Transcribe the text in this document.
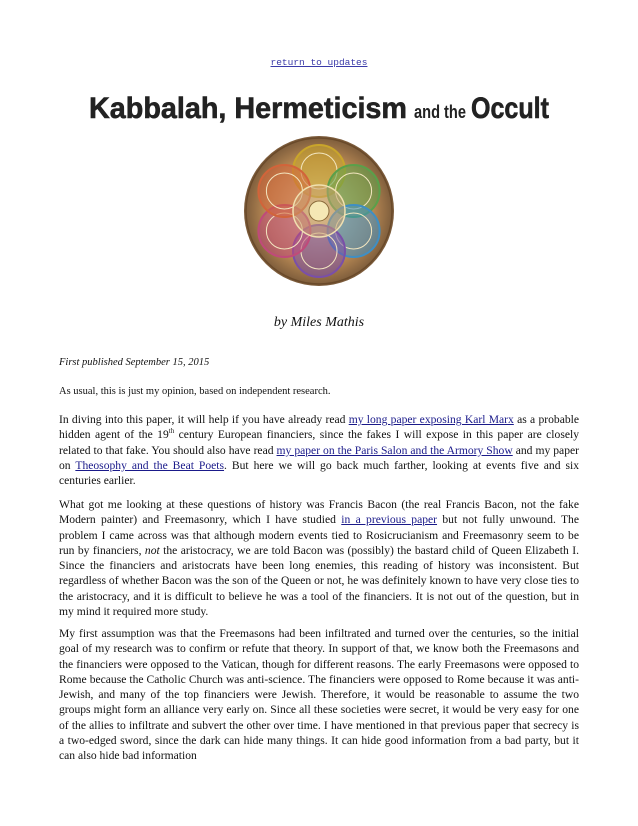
return to updates
Kabbalah, Hermeticism and the Occult
by Miles Mathis
First published September 15, 2015
As usual, this is just my opinion, based on independent research.

In diving into this paper, it will help if you have already read my long paper exposing Karl Marx as a probable hidden agent of the 19th century European financiers, since the fakes I will expose in this paper are closely related to that fake. You should also have read my paper on the Paris Salon and the Armory Show and my paper on Theosophy and the Beat Poets. But here we will go back much farther, looking at events five and six centuries earlier.

What got me looking at these questions of history was Francis Bacon (the real Francis Bacon, not the fake Modern painter) and Freemasonry, which I have studied in a previous paper but not fully unwound. The problem I came across was that although modern events tied to Rosicrucianism and Freemasonry seem to be run by financiers, not the aristocracy, we are told Bacon was (possibly) the bastard child of Queen Elizabeth I. Since the financiers and aristocrats have been long enemies, this reading of history was inconsistent. But regardless of whether Bacon was the son of the Queen or not, he was definitely known to have very close ties to the aristocracy, and it is difficult to believe he was a tool of the financiers. It is not out of the question, but in my mind it required more study.

My first assumption was that the Freemasons had been infiltrated and turned over the centuries, so the initial goal of my research was to confirm or refute that theory. In support of that, we know both the Freemasons and the financiers were opposed to the Vatican, though for different reasons. The early Freemasons were opposed to Rome because the Catholic Church was anti-science. The financiers were opposed to Rome because it was anti-Jewish, and many of the top financiers were Jewish. Therefore, it would be reasonable to assume the two groups might form an alliance very early on. Since all these societies were secret, it would be very easy for one of the allies to infiltrate and subvert the other over time. I have mentioned in that previous paper that secrecy is a two-edged sword, since the dark can hide many things. It can hide good information from a bad party, but it can also hide bad information
